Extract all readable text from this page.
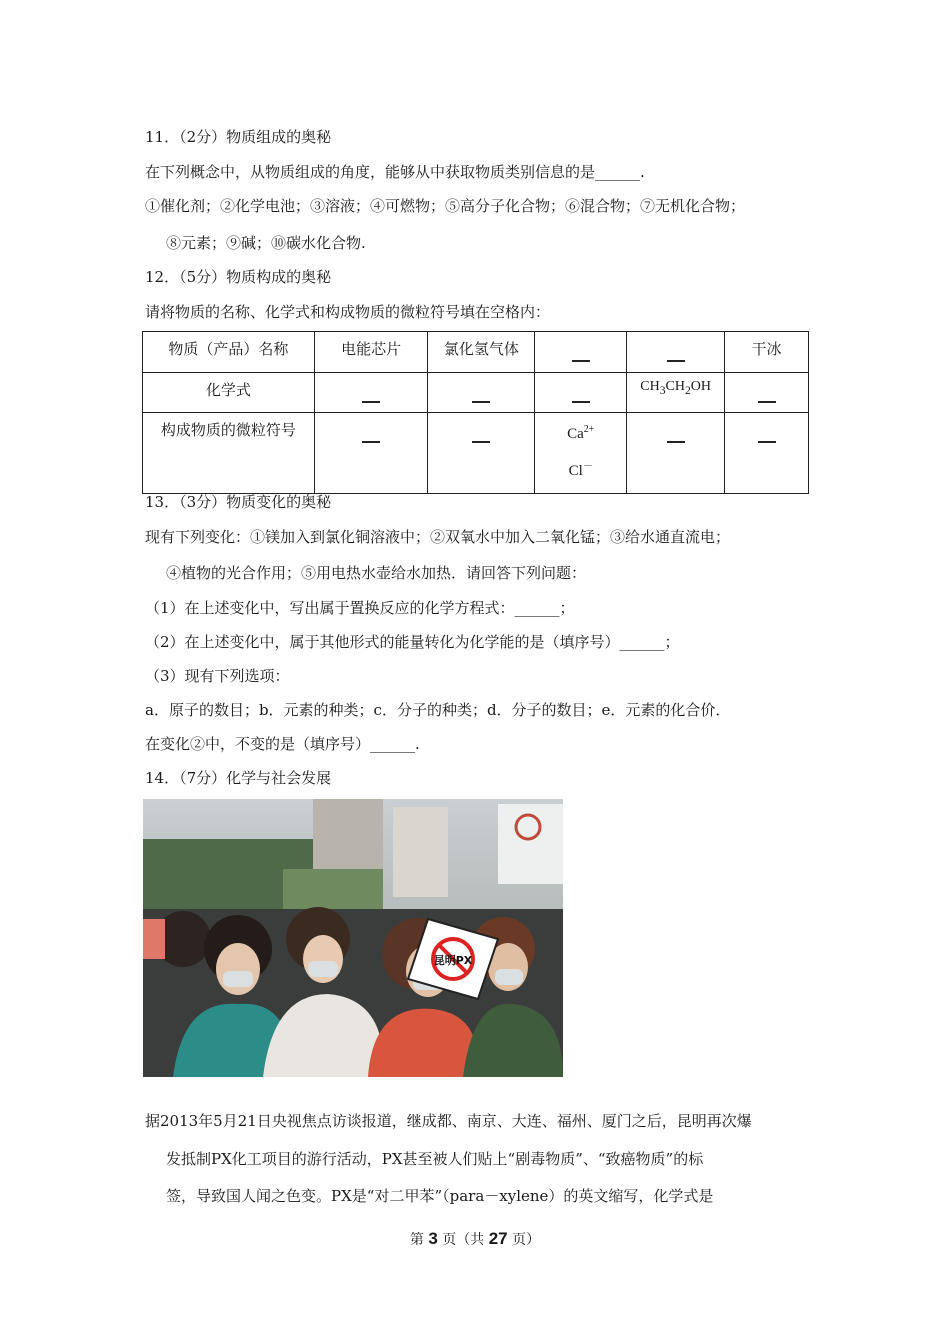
11．（2分）物质组成的奥秘
在下列概念中，从物质组成的角度，能够从中获取物质类别信息的是______.
①催化剂；②化学电池；③溶液；④可燃物；⑤高分子化合物；⑥混合物；⑦无机化合物；
⑧元素；⑨碱；⑩碳水化合物.
12．（5分）物质构成的奥秘
请将物质的名称、化学式和构成物质的微粒符号填在空格内：
物质（产品）名称	电能芯片	氯化氢气体			干冰
化学式				$CH_3CH_2OH$	
构成物质的微粒符号			$Ca^{2+}$
Cl－

13．（3分）物质变化的奥秘
现有下列变化：①镁加入到氯化铜溶液中；②双氧水中加入二氧化锰；③给水通直流电；
④植物的光合作用；⑤用电热水壶给水加热．请回答下列问题：
（1）在上述变化中，写出属于置换反应的化学方程式：______；
（2）在上述变化中，属于其他形式的能量转化为化学能的是（填序号）______；
（3）现有下列选项：
a．原子的数目；b．元素的种类；c．分子的种类；d．分子的数目；e．元素的化合价．
在变化②中，不变的是（填序号）______.
14．（7分）化学与社会发展
昆明PX
据2013年5月21日央视焦点访谈报道，继成都、南京、大连、福州、厦门之后，昆明再次爆
发抵制PX化工项目的游行活动，PX甚至被人们贴上“剧毒物质”、“致癌物质”的标
签，导致国人闻之色变。PX是“对二甲苯”（para－xylene）的英文缩写，化学式是
第 3 页（共 27 页）
